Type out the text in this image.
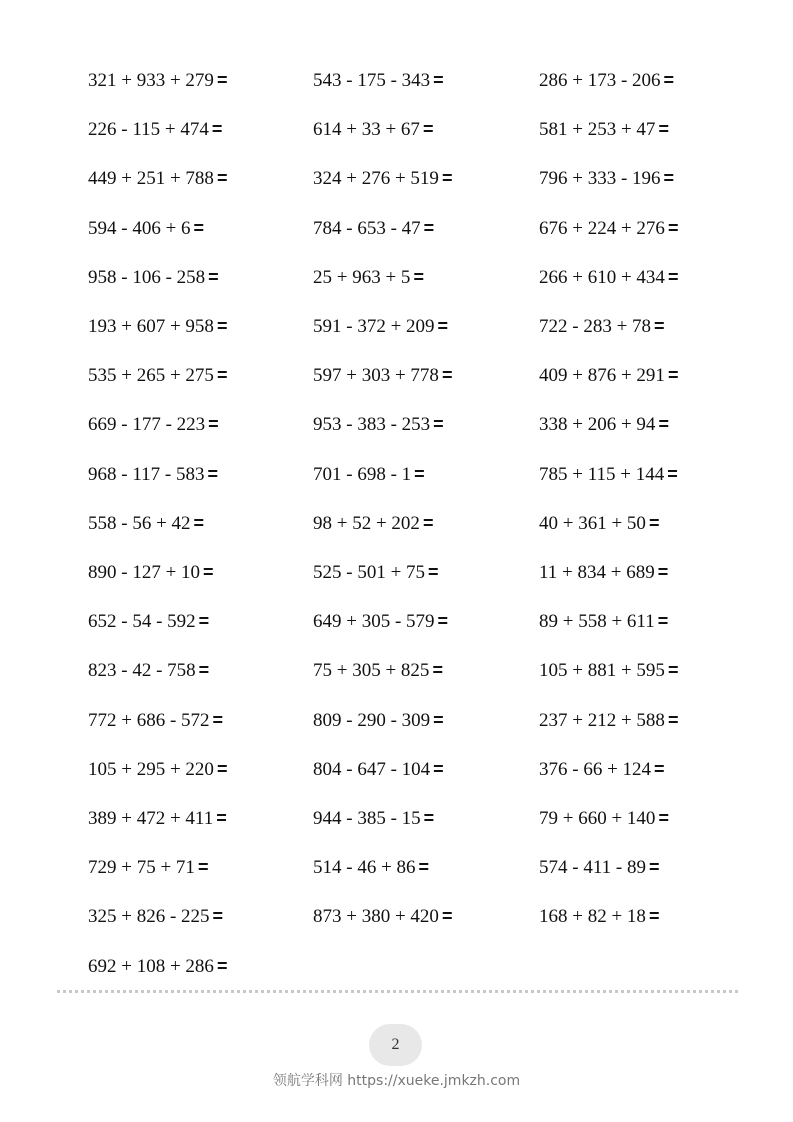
321 + 933 + 279 =	543 - 175 - 343 =	286 + 173 - 206 =
226 - 115 + 474 =	614 + 33 + 67 =	581 + 253 + 47 =
449 + 251 + 788 =	324 + 276 + 519 =	796 + 333 - 196 =
594 - 406 + 6 =	784 - 653 - 47 =	676 + 224 + 276 =
958 - 106 - 258 =	25 + 963 + 5 =	266 + 610 + 434 =
193 + 607 + 958 =	591 - 372 + 209 =	722 - 283 + 78 =
535 + 265 + 275 =	597 + 303 + 778 =	409 + 876 + 291 =
669 - 177 - 223 =	953 - 383 - 253 =	338 + 206 + 94 =
968 - 117 - 583 =	701 - 698 - 1 =	785 + 115 + 144 =
558 - 56 + 42 =	98 + 52 + 202 =	40 + 361 + 50 =
890 - 127 + 10 =	525 - 501 + 75 =	11 + 834 + 689 =
652 - 54 - 592 =	649 + 305 - 579 =	89 + 558 + 611 =
823 - 42 - 758 =	75 + 305 + 825 =	105 + 881 + 595 =
772 + 686 - 572 =	809 - 290 - 309 =	237 + 212 + 588 =
105 + 295 + 220 =	804 - 647 - 104 =	376 - 66 + 124 =
389 + 472 + 411 =	944 - 385 - 15 =	79 + 660 + 140 =
729 + 75 + 71 =	514 - 46 + 86 =	574 - 411 - 89 =
325 + 826 - 225 =	873 + 380 + 420 =	168 + 82 + 18 =
692 + 108 + 286 =
2
领航学科网 https://xueke.jmkzh.com
